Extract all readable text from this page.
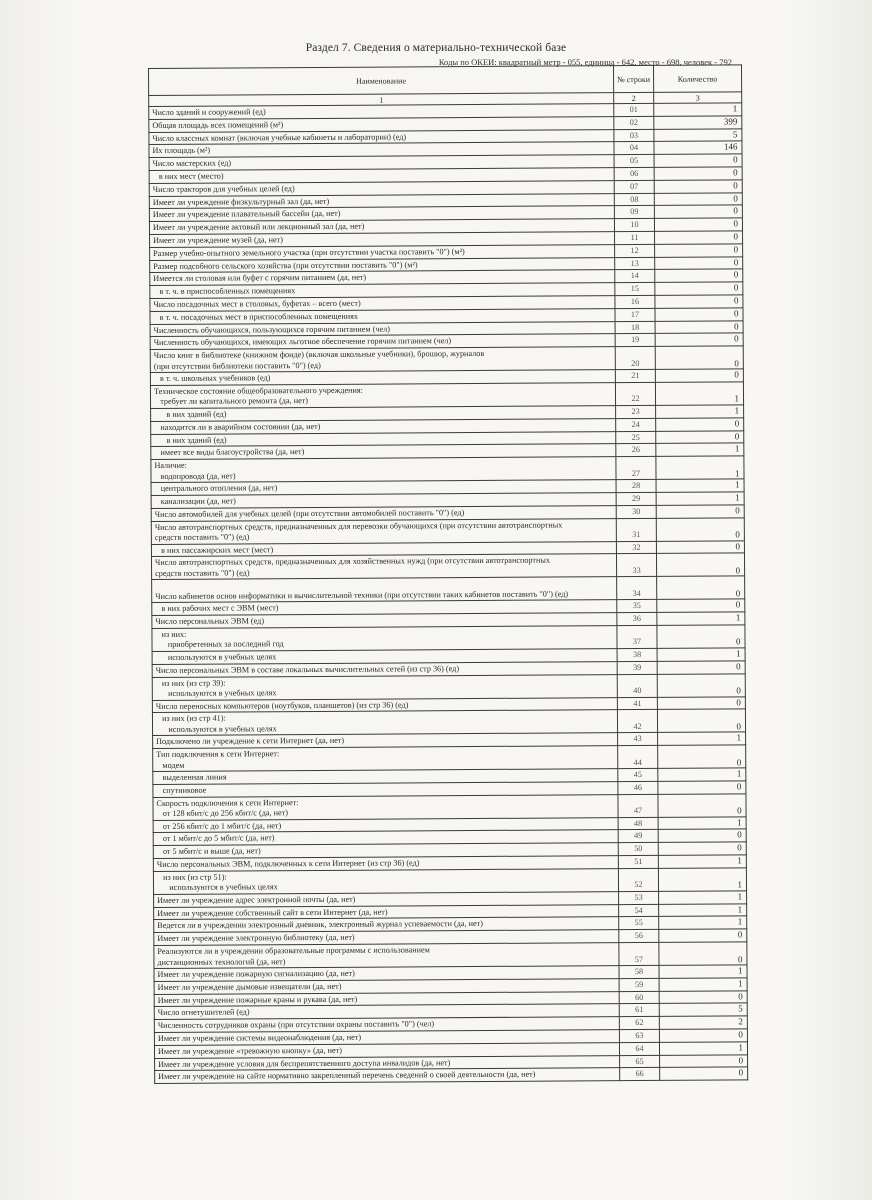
Раздел 7. Сведения о материально-технической базе
Коды по ОКЕИ: квадратный метр - 055, единица - 642, место - 698, человек - 792
Наименование	№ строки	Количество
1	2	3

Число зданий и сооружений (ед)	01	1

Общая площадь всех помещений (м²)	02	399

Число классных комнат (включая учебные кабинеты и лаборатории) (ед)	03	5

Их площадь (м²)	04	146

Число мастерских (ед)	05	0

в них мест (место)	06	0

Число тракторов для учебных целей (ед)	07	0

Имеет ли учреждение физкультурный зал (да, нет)	08	0

Имеет ли учреждение плавательный бассейн (да, нет)	09	0

Имеет ли учреждение актовый или лекционный зал (да, нет)	10	0

Имеет ли учреждение музей (да, нет)	11	0

Размер учебно-опытного земельного участка (при отсутствии участка поставить "0") (м²)	12	0

Размер подсобного сельского хозяйства (при отсутствии поставить "0") (м²)	13	0

Имеется ли столовая или буфет с горячим питанием (да, нет)	14	0

в т. ч. в приспособленных помещениях	15	0

Число посадочных мест в столовых, буфетах – всего (мест)	16	0

в т. ч. посадочных мест в приспособленных помещениях	17	0

Численность обучающихся, пользующихся горячим питанием (чел)	18	0

Численность обучающихся, имеющих льготное обеспечение горячим питанием (чел)	19	0

Число книг в библиотеке (книжном фонде) (включая школьные учебники), брошюр, журналов
(при отсутствии библиотеки поставить "0") (ед)	20	0

в т. ч. школьных учебников (ед)	21	0

Техническое состояние общеобразовательного учреждения:
требует ли капитального ремонта (да, нет)	22	1

в них зданий (ед)	23	1

находится ли в аварийном состоянии (да, нет)	24	0

в них зданий (ед)	25	0

имеет все виды благоустройства (да, нет)	26	1

Наличие:
водопровода (да, нет)	27	1

центрального отопления (да, нет)	28	1

канализации (да, нет)	29	1

Число автомобилей для учебных целей (при отсутствии автомобилей поставить "0") (ед)	30	0

Число автотранспортных средств, предназначенных для перевозки обучающихся (при отсутствии автотранспортных
средств поставить "0") (ед)	31	0

в них пассажирских мест (мест)	32	0

Число автотранспортных средств, предназначенных для хозяйственных нужд (при отсутствии автотранспортных
средств поставить "0") (ед)	33	0

Число кабинетов основ информатики и вычислительной техники (при отсутствии таких кабинетов поставить "0") (ед)	34	0

в них рабочих мест с ЭВМ (мест)	35	0

Число персональных ЭВМ (ед)	36	1

из них:
приобретенных за последний год	37	0

используются в учебных целях	38	1

Число персональных ЭВМ в составе локальных вычислительных сетей (из стр 36) (ед)	39	0

из них (из стр 39):
используются в учебных целях	40	0

Число переносных компьютеров (ноутбуков, планшетов) (из стр 36) (ед)	41	0

из них (из стр 41):
используются в учебных целях	42	0

Подключено ли учреждение к сети Интернет (да, нет)	43	1

Тип подключения к сети Интернет:
модем	44	0

выделенная линия	45	1

спутниковое	46	0

Скорость подключения к сети Интернет:
от 128 кбит/с до 256 кбит/с (да, нет)	47	0

от 256 кбит/с до 1 мбит/с (да, нет)	48	1

от 1 мбит/с до 5 мбит/с (да, нет)	49	0

от 5 мбит/с и выше (да, нет)	50	0

Число персональных ЭВМ, подключенных к сети Интернет (из стр 36) (ед)	51	1

из них (из стр 51):
используются в учебных целях	52	1

Имеет ли учреждение адрес электронной почты (да, нет)	53	1

Имеет ли учреждение собственный сайт в сети Интернет (да, нет)	54	1

Ведется ли в учреждении электронный дневник, электронный журнал успеваемости (да, нет)	55	1

Имеет ли учреждение электронную библиотеку (да, нет)	56	0

Реализуются ли в учреждении образовательные программы с использованием
дистанционных технологий (да, нет)	57	0

Имеет ли учреждение пожарную сигнализацию (да, нет)	58	1

Имеет ли учреждение дымовые извещатели (да, нет)	59	1

Имеет ли учреждение пожарные краны и рукава (да, нет)	60	0

Число огнетушителей (ед)	61	5

Численность сотрудников охраны (при отсутствии охраны поставить "0") (чел)	62	2

Имеет ли учреждение системы видеонаблюдения (да, нет)	63	0

Имеет ли учреждение «тревожную кнопку» (да, нет)	64	1

Имеет ли учреждение условия для беспрепятственного доступа инвалидов (да, нет)	65	0

Имеет ли учреждение на сайте нормативно закрепленный перечень сведений о своей деятельности (да, нет)	66	0
